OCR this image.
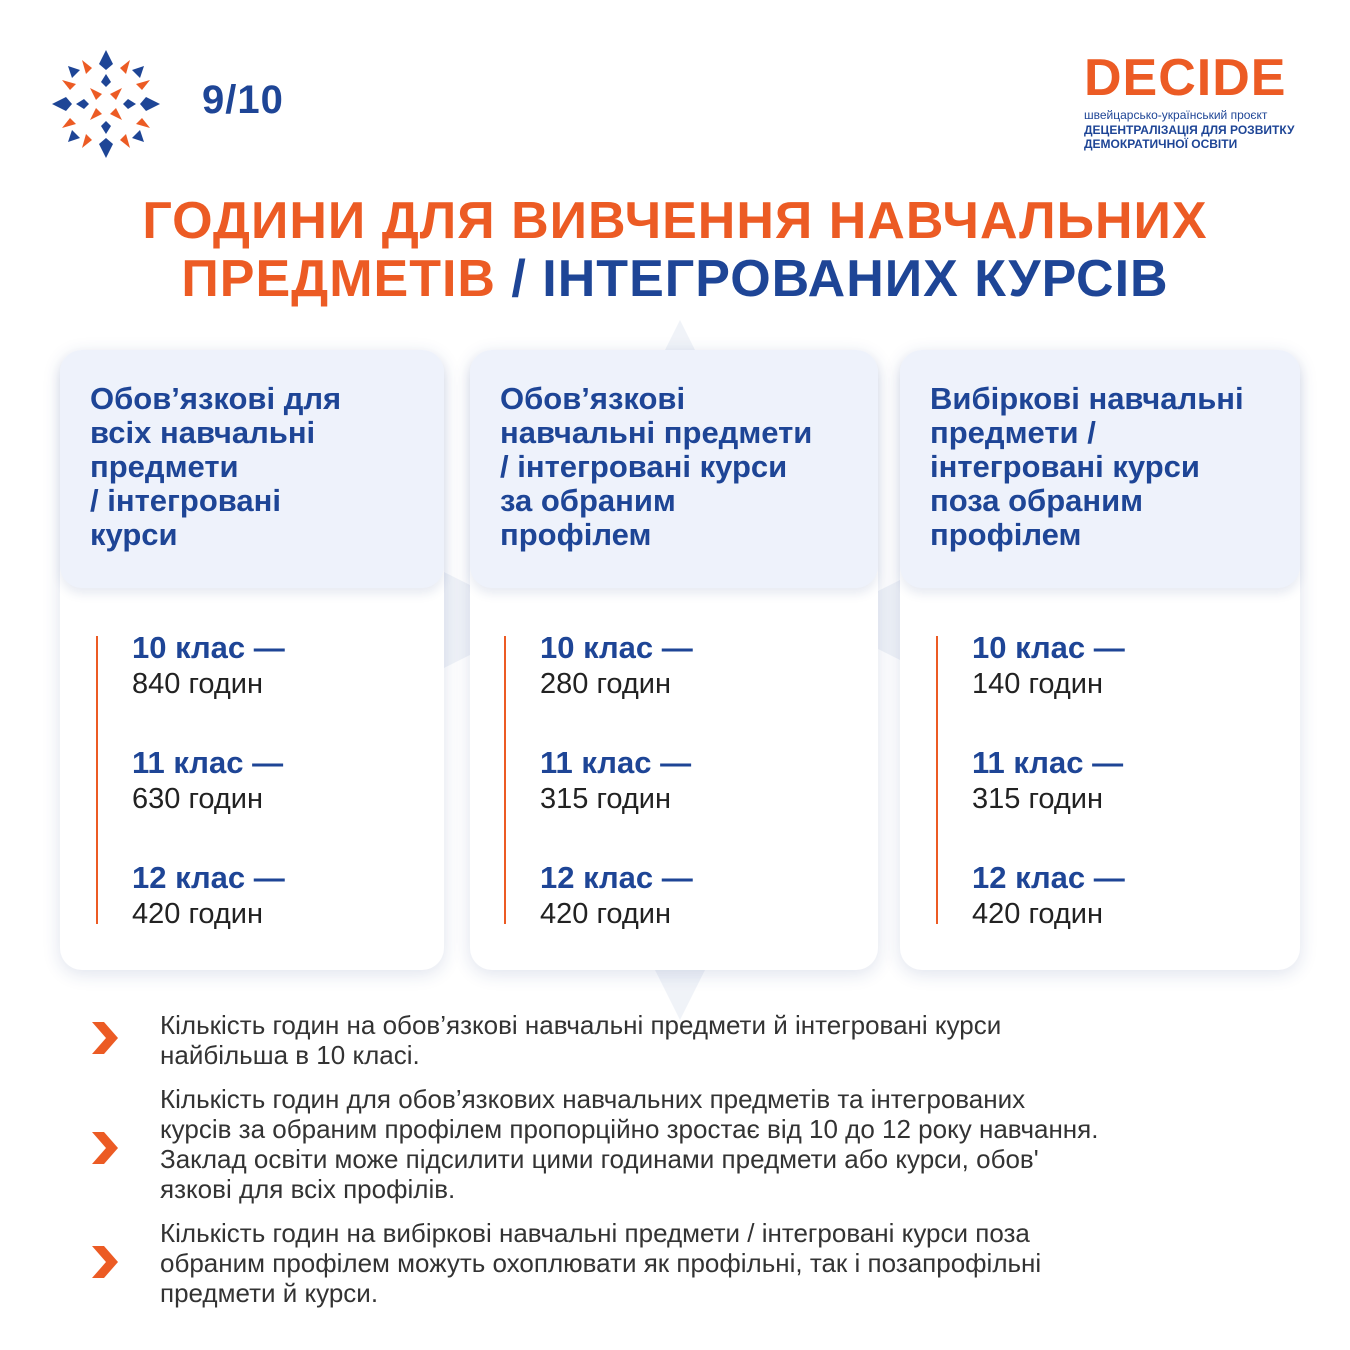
9/10	DECIDE
швейцарсько-український проєкт
ДЕЦЕНТРАЛІЗАЦІЯ ДЛЯ РОЗВИТКУ
ДЕМОКРАТИЧНОЇ ОСВІТИ
ГОДИНИ ДЛЯ ВИВЧЕННЯ НАВЧАЛЬНИХ
ПРЕДМЕТІВ / ІНТЕГРОВАНИХ КУРСІВ
Обов’язкові для
всіх навчальні
предмети
/ інтегровані
курси
10 клас —
840 годин
11 клас —
630 годин
12 клас —
420 годин
Обов’язкові
навчальні предмети
/ інтегровані курси
за обраним
профілем
10 клас —
280 годин
11 клас —
315 годин
12 клас —
420 годин
Вибіркові навчальні
предмети /
інтегровані курси
поза обраним
профілем
10 клас —
140 годин
11 клас —
315 годин
12 клас —
420 годин
Кількість годин на обов’язкові навчальні предмети й інтегровані курси
найбільша в 10 класі.
Кількість годин для обов’язкових навчальних предметів та інтегрованих
курсів за обраним профілем пропорційно зростає від 10 до 12 року навчання.
Заклад освіти може підсилити цими годинами предмети або курси, обов'
язкові для всіх профілів.
Кількість годин на вибіркові навчальні предмети / інтегровані курси поза
обраним профілем можуть охоплювати як профільні, так і позапрофільні
предмети й курси.
